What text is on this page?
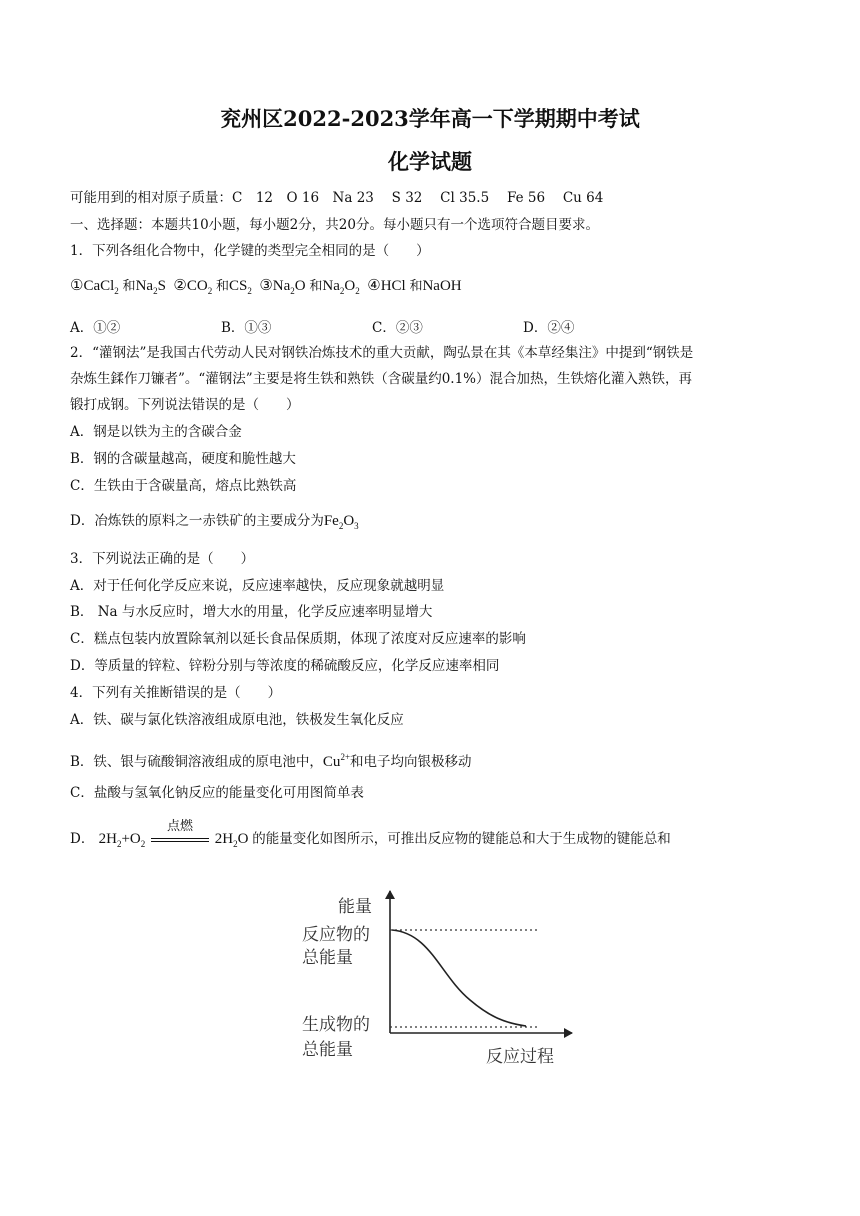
兖州区2022-2023学年高一下学期期中考试
化学试题
可能用到的相对原子质量：C　12　O 16　Na 23　 S 32　 Cl 35.5　 Fe 56　 Cu 64
一、选择题：本题共10小题，每小题2分，共20分。每小题只有一个选项符合题目要求。
1．下列各组化合物中，化学键的类型完全相同的是（　　）
①CaCl$_2$ 和$Na_2S$ $②CO_2$ 和$CS_2$ $③Na_2O$ 和$Na_2O_2$ ④HCl 和NaOH
A．①②	B．①③	C．②③	D．②④
2．“灌钢法”是我国古代劳动人民对钢铁冶炼技术的重大贡献，陶弘景在其《本草经集注》中提到“钢铁是
杂炼生鍒作刀镰者”。“灌钢法”主要是将生铁和熟铁（含碳量约0.1%）混合加热，生铁熔化灌入熟铁，再
锻打成钢。下列说法错误的是（　　）
A．钢是以铁为主的含碳合金
B．钢的含碳量越高，硬度和脆性越大
C．生铁由于含碳量高，熔点比熟铁高
D．冶炼铁的原料之一赤铁矿的主要成分为$Fe_2O_3$
3．下列说法正确的是（　　）
A．对于任何化学反应来说，反应速率越快，反应现象就越明显
B． Na 与水反应时，增大水的用量，化学反应速率明显增大
C．糕点包装内放置除氧剂以延长食品保质期，体现了浓度对反应速率的影响
D．等质量的锌粒、锌粉分别与等浓度的稀硫酸反应，化学反应速率相同
4．下列有关推断错误的是（　　）
A．铁、碳与氯化铁溶液组成原电池，铁极发生氧化反应
B．铁、银与硫酸铜溶液组成的原电池中，$Cu^{2+}$和电子均向银极移动
C．盐酸与氢氧化钠反应的能量变化可用图简单表
D． $2H_2+O_2$
点燃
$2H_2O$ 的能量变化如图所示，可推出反应物的键能总和大于生成物的键能总和
能量
反应物的
总能量
生成物的
总能量	反应过程
